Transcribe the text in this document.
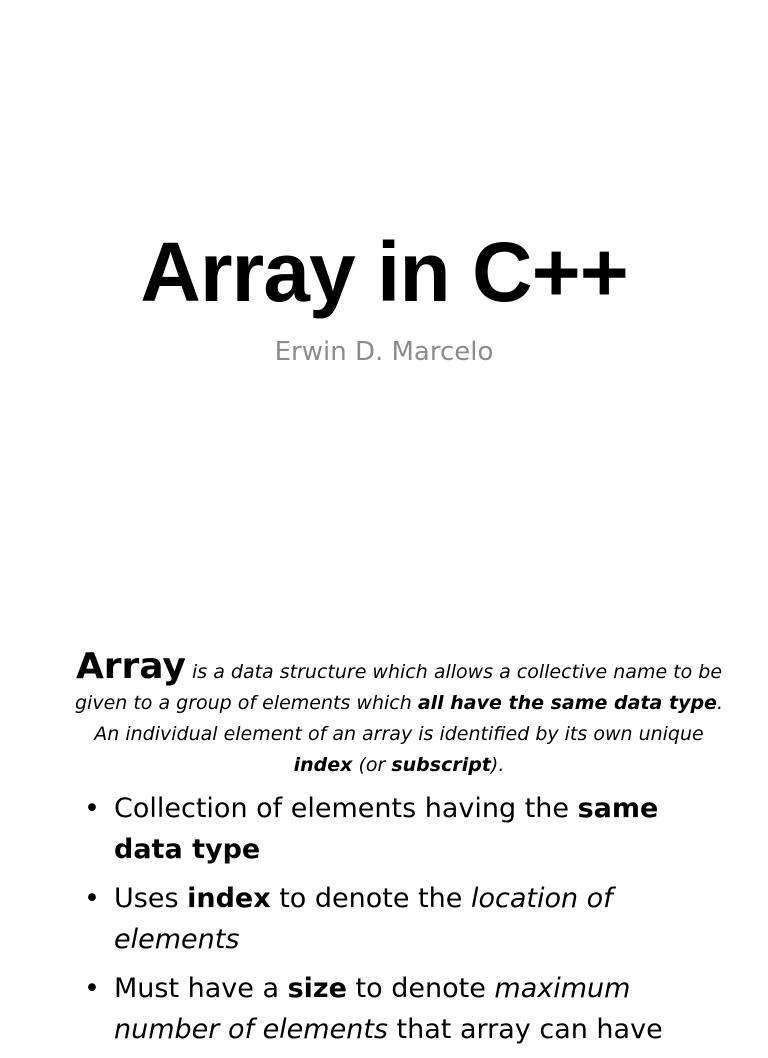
Array in C++
Erwin D. Marcelo

Array is a data structure which allows a collective name to be given to a group of elements which all have the same data type. An individual element of an array is identified by its own unique index (or subscript).

• Collection of elements having the same data type
• Uses index to denote the location of elements
• Must have a size to denote maximum number of elements that array can have
